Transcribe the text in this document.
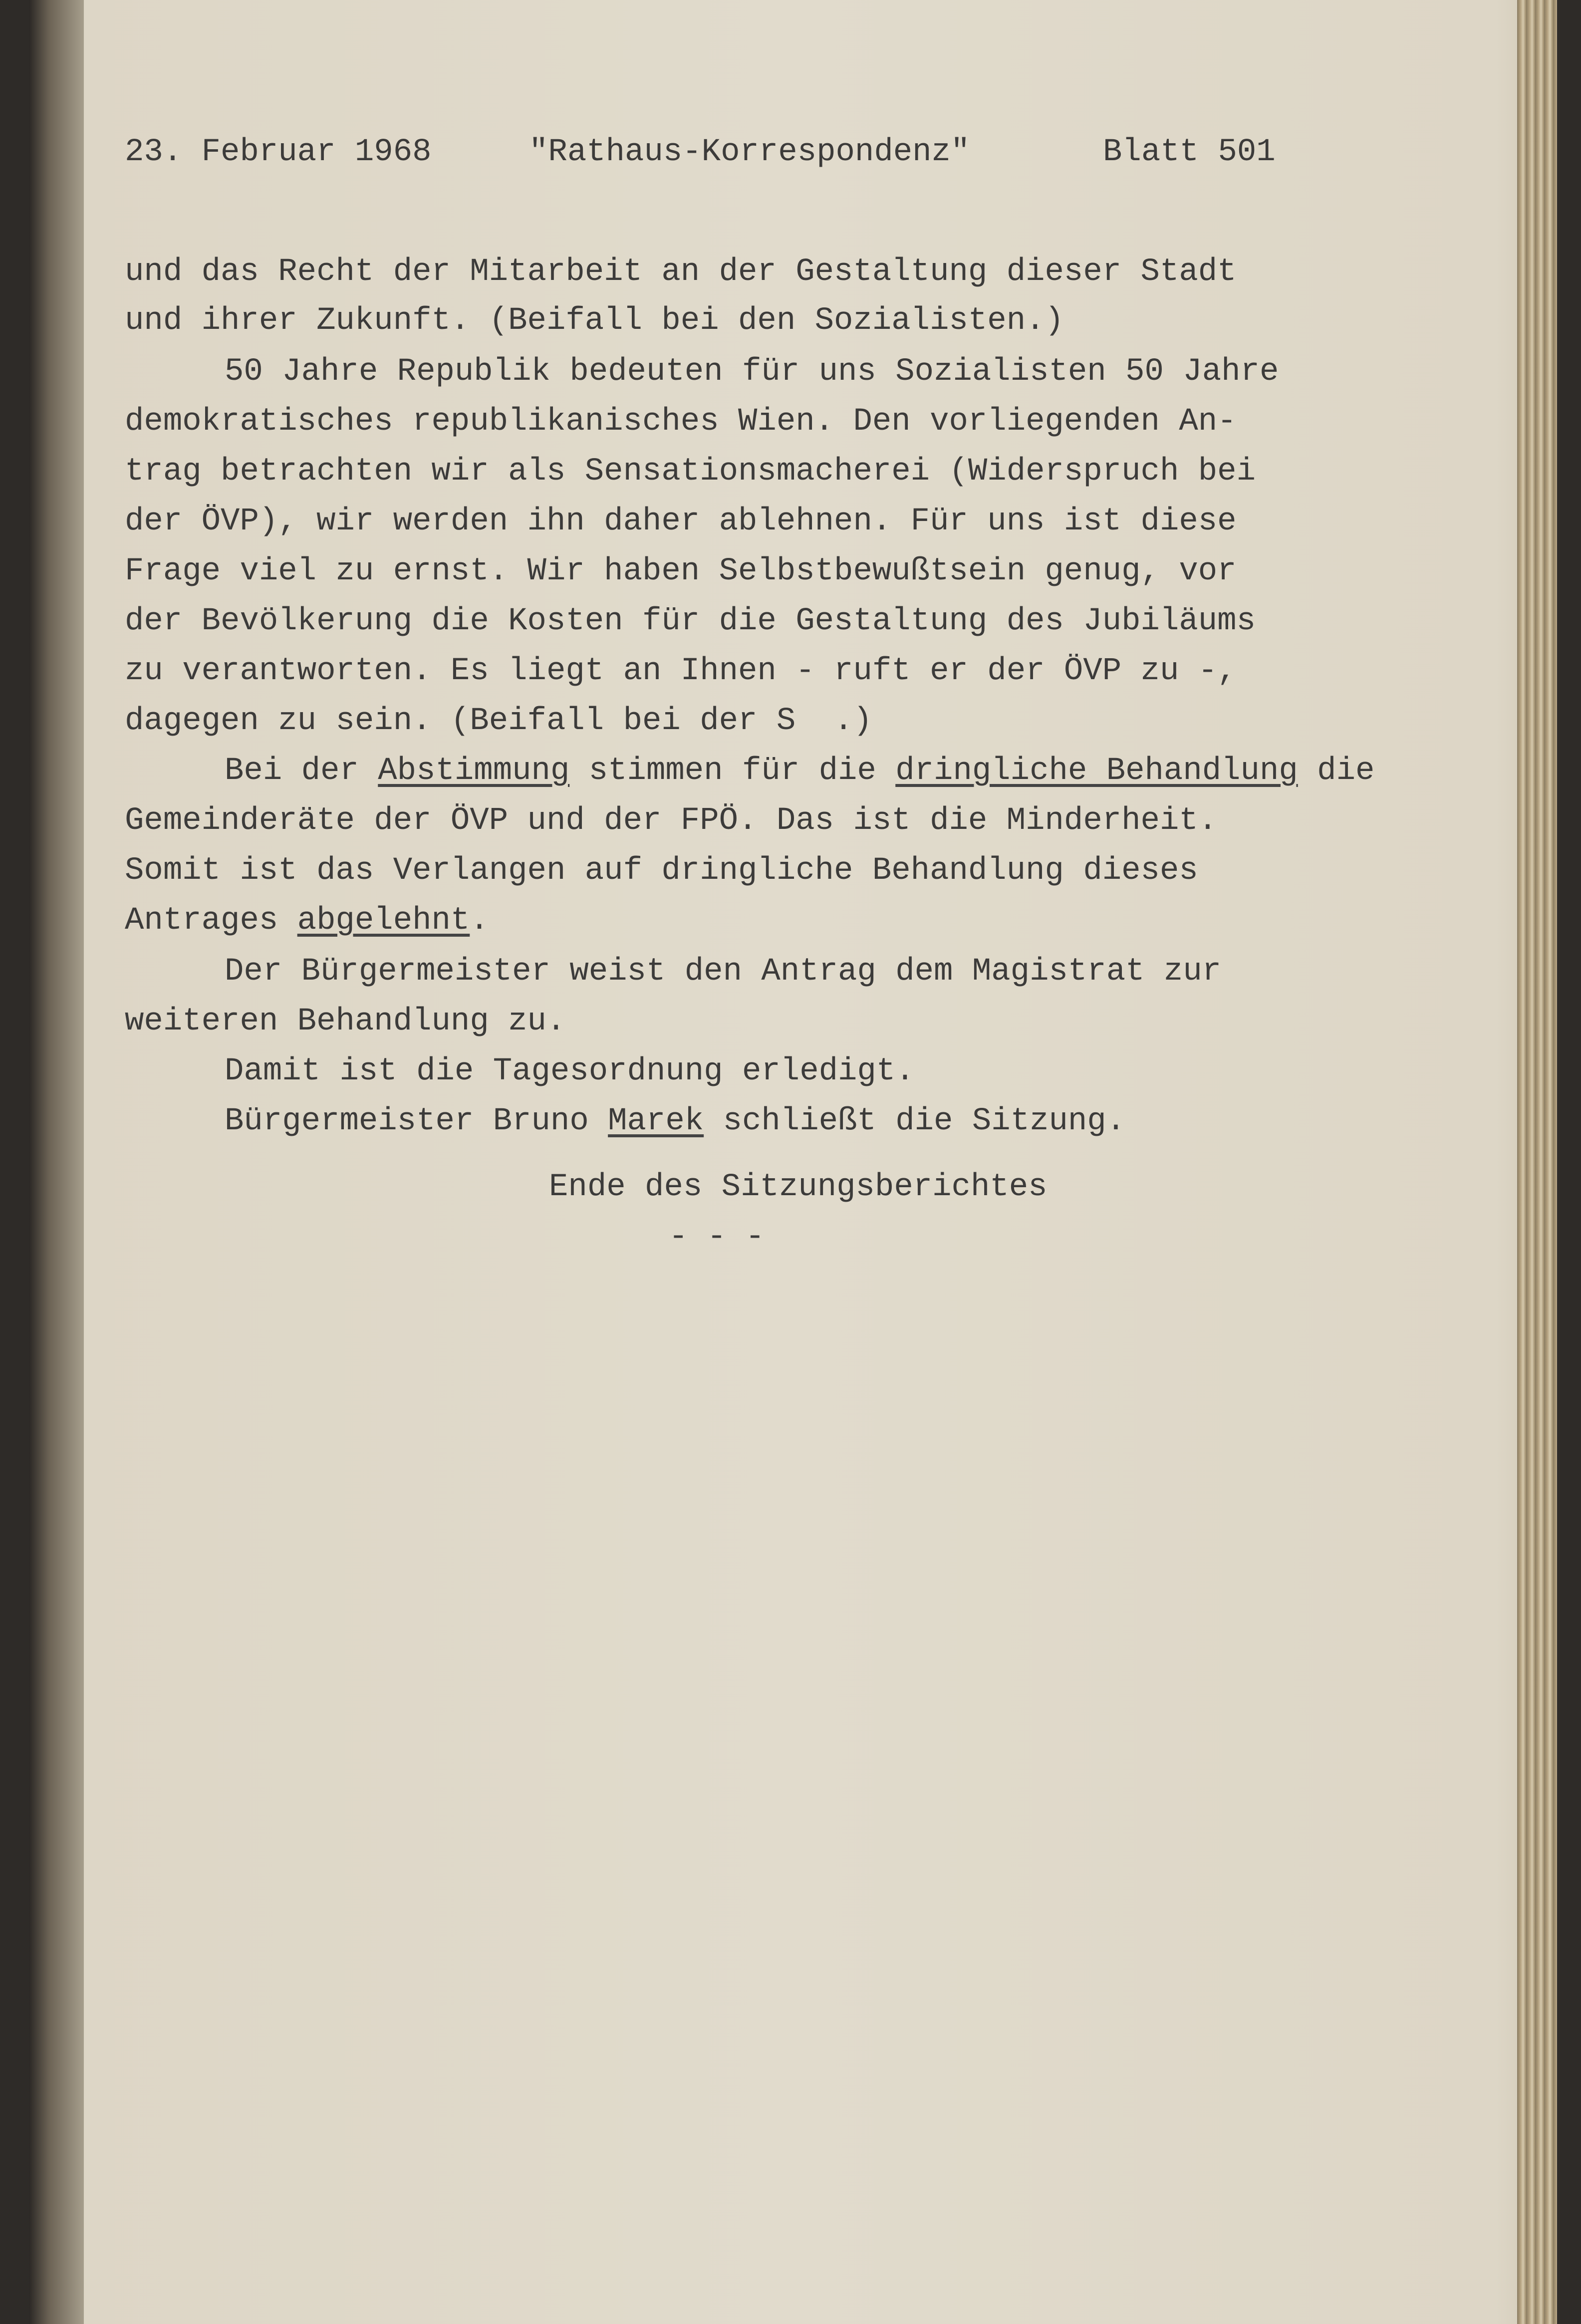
23. Februar 1968	"Rathaus-Korrespondenz"	Blatt 501
und das Recht der Mitarbeit an der Gestaltung dieser Stadt
und ihrer Zukunft. (Beifall bei den Sozialisten.)
50 Jahre Republik bedeuten für uns Sozialisten 50 Jahre
demokratisches republikanisches Wien. Den vorliegenden An-
trag betrachten wir als Sensationsmacherei (Widerspruch bei
der ÖVP), wir werden ihn daher ablehnen. Für uns ist diese
Frage viel zu ernst. Wir haben Selbstbewußtsein genug, vor
der Bevölkerung die Kosten für die Gestaltung des Jubiläums
zu verantworten. Es liegt an Ihnen - ruft er der ÖVP zu -,
dagegen zu sein. (Beifall bei der S  .)
Bei der Abstimmung stimmen für die dringliche Behandlung die
Gemeinderäte der ÖVP und der FPÖ. Das ist die Minderheit.
Somit ist das Verlangen auf dringliche Behandlung dieses
Antrages abgelehnt.
Der Bürgermeister weist den Antrag dem Magistrat zur
weiteren Behandlung zu.
Damit ist die Tagesordnung erledigt.
Bürgermeister Bruno Marek schließt die Sitzung.
Ende des Sitzungsberichtes
- - -
